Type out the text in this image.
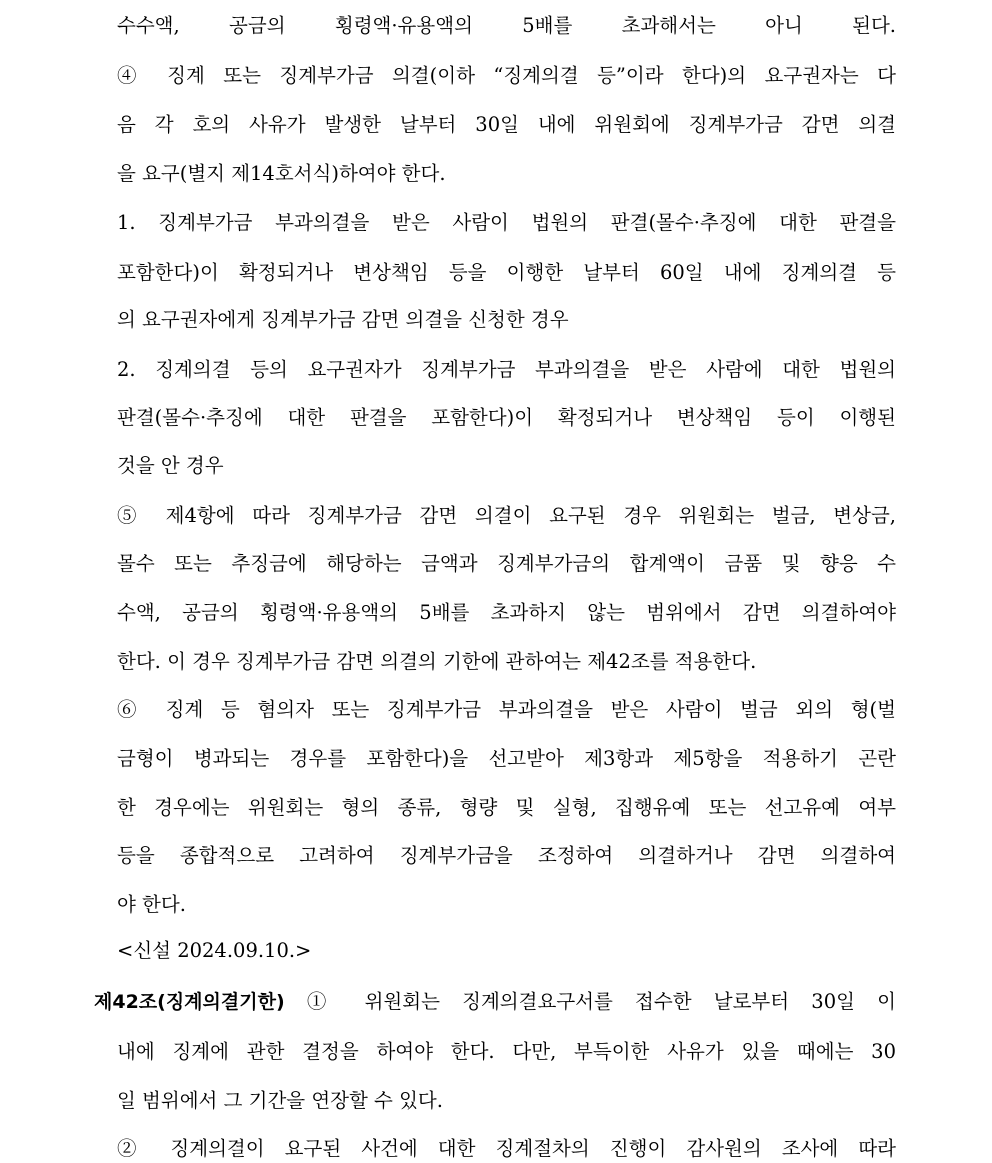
수수액, 공금의 횡령액·유용액의 5배를 초과해서는 아니 된다.
④ 징계 또는 징계부가금 의결(이하 “징계의결 등”이라 한다)의 요구권자는 다
음 각 호의 사유가 발생한 날부터 30일 내에 위원회에 징계부가금 감면 의결
을 요구(별지 제14호서식)하여야 한다.
1. 징계부가금 부과의결을 받은 사람이 법원의 판결(몰수·추징에 대한 판결을
포함한다)이 확정되거나 변상책임 등을 이행한 날부터 60일 내에 징계의결 등
의 요구권자에게 징계부가금 감면 의결을 신청한 경우
2. 징계의결 등의 요구권자가 징계부가금 부과의결을 받은 사람에 대한 법원의
판결(몰수·추징에 대한 판결을 포함한다)이 확정되거나 변상책임 등이 이행된
것을 안 경우
⑤ 제4항에 따라 징계부가금 감면 의결이 요구된 경우 위원회는 벌금, 변상금,
몰수 또는 추징금에 해당하는 금액과 징계부가금의 합계액이 금품 및 향응 수
수액, 공금의 횡령액·유용액의 5배를 초과하지 않는 범위에서 감면 의결하여야
한다. 이 경우 징계부가금 감면 의결의 기한에 관하여는 제42조를 적용한다.
⑥ 징계 등 혐의자 또는 징계부가금 부과의결을 받은 사람이 벌금 외의 형(벌
금형이 병과되는 경우를 포함한다)을 선고받아 제3항과 제5항을 적용하기 곤란
한 경우에는 위원회는 형의 종류, 형량 및 실형, 집행유예 또는 선고유예 여부
등을 종합적으로 고려하여 징계부가금을 조정하여 의결하거나 감면 의결하여
야 한다.
<신설 2024.09.10.>
제42조(징계의결기한) ① 위원회는 징계의결요구서를 접수한 날로부터 30일 이
내에 징계에 관한 결정을 하여야 한다. 다만, 부득이한 사유가 있을 때에는 30
일 범위에서 그 기간을 연장할 수 있다.
② 징계의결이 요구된 사건에 대한 징계절차의 진행이 감사원의 조사에 따라
